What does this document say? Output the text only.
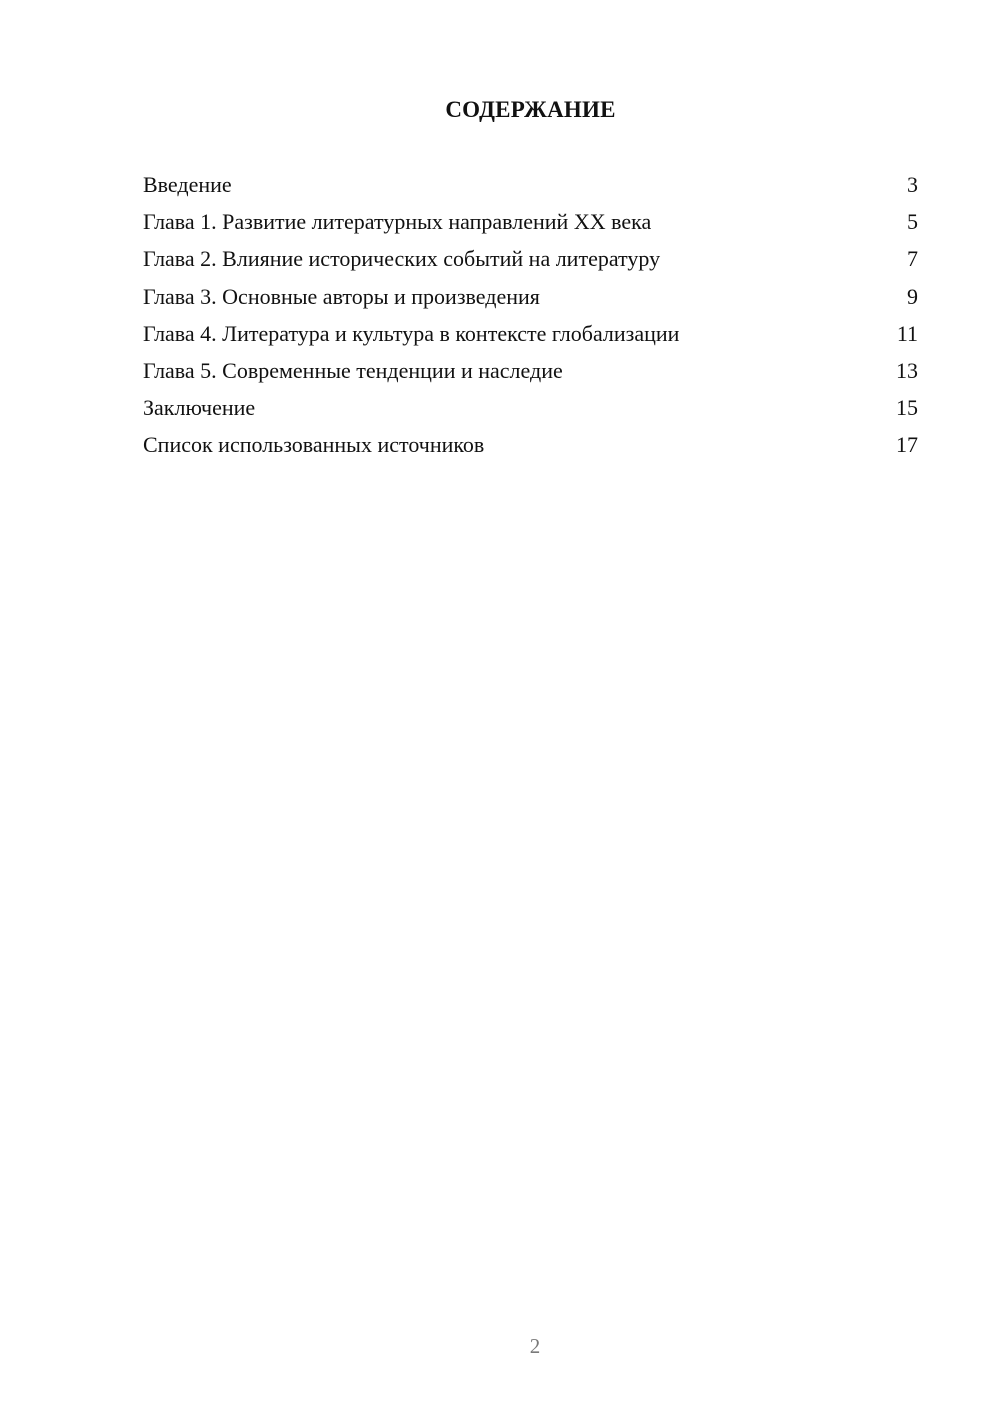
СОДЕРЖАНИЕ
Введение	3
Глава 1. Развитие литературных направлений XX века	5
Глава 2. Влияние исторических событий на литературу	7
Глава 3. Основные авторы и произведения	9
Глава 4. Литература и культура в контексте глобализации	11
Глава 5. Современные тенденции и наследие	13
Заключение	15
Список использованных источников	17
2
